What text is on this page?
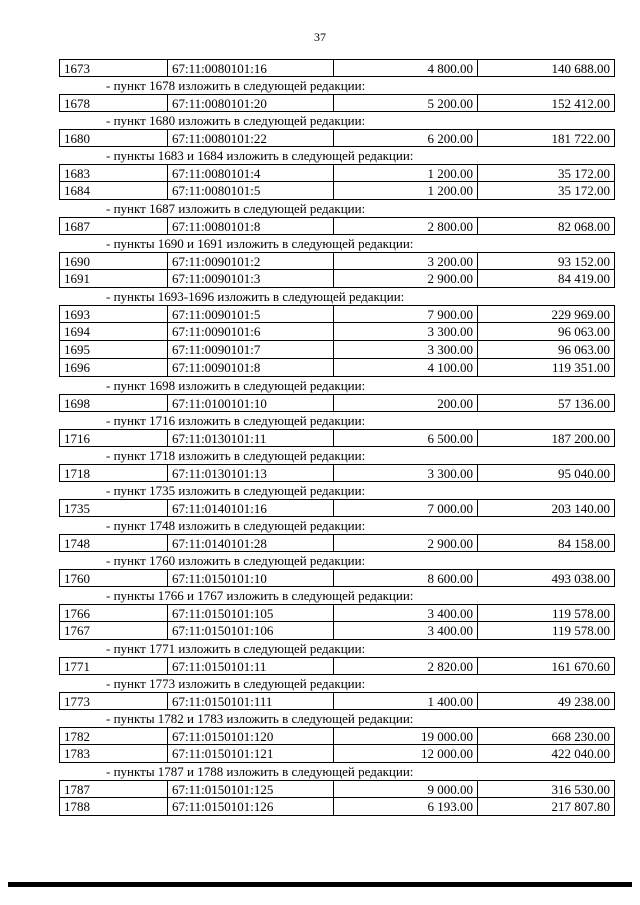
37
1673	67:11:0080101:16	4 800.00	140 688.00
- пункт 1678 изложить в следующей редакции:
1678	67:11:0080101:20	5 200.00	152 412.00
- пункт 1680 изложить в следующей редакции:
1680	67:11:0080101:22	6 200.00	181 722.00
- пункты 1683 и 1684 изложить в следующей редакции:
1683	67:11:0080101:4	1 200.00	35 172.00
1684	67:11:0080101:5	1 200.00	35 172.00
- пункт 1687 изложить в следующей редакции:
1687	67:11:0080101:8	2 800.00	82 068.00
- пункты 1690 и 1691 изложить в следующей редакции:
1690	67:11:0090101:2	3 200.00	93 152.00
1691	67:11:0090101:3	2 900.00	84 419.00
- пункты 1693-1696 изложить в следующей редакции:
1693	67:11:0090101:5	7 900.00	229 969.00
1694	67:11:0090101:6	3 300.00	96 063.00
1695	67:11:0090101:7	3 300.00	96 063.00
1696	67:11:0090101:8	4 100.00	119 351.00
- пункт 1698 изложить в следующей редакции:
1698	67:11:0100101:10	200.00	57 136.00
- пункт 1716 изложить в следующей редакции:
1716	67:11:0130101:11	6 500.00	187 200.00
- пункт 1718 изложить в следующей редакции:
1718	67:11:0130101:13	3 300.00	95 040.00
- пункт 1735 изложить в следующей редакции:
1735	67:11:0140101:16	7 000.00	203 140.00
- пункт 1748 изложить в следующей редакции:
1748	67:11:0140101:28	2 900.00	84 158.00
- пункт 1760 изложить в следующей редакции:
1760	67:11:0150101:10	8 600.00	493 038.00
- пункты 1766 и 1767 изложить в следующей редакции:
1766	67:11:0150101:105	3 400.00	119 578.00
1767	67:11:0150101:106	3 400.00	119 578.00
- пункт 1771 изложить в следующей редакции:
1771	67:11:0150101:11	2 820.00	161 670.60
- пункт 1773 изложить в следующей редакции:
1773	67:11:0150101:111	1 400.00	49 238.00
- пункты 1782 и 1783 изложить в следующей редакции:
1782	67:11:0150101:120	19 000.00	668 230.00
1783	67:11:0150101:121	12 000.00	422 040.00
- пункты 1787 и 1788 изложить в следующей редакции:
1787	67:11:0150101:125	9 000.00	316 530.00
1788	67:11:0150101:126	6 193.00	217 807.80
